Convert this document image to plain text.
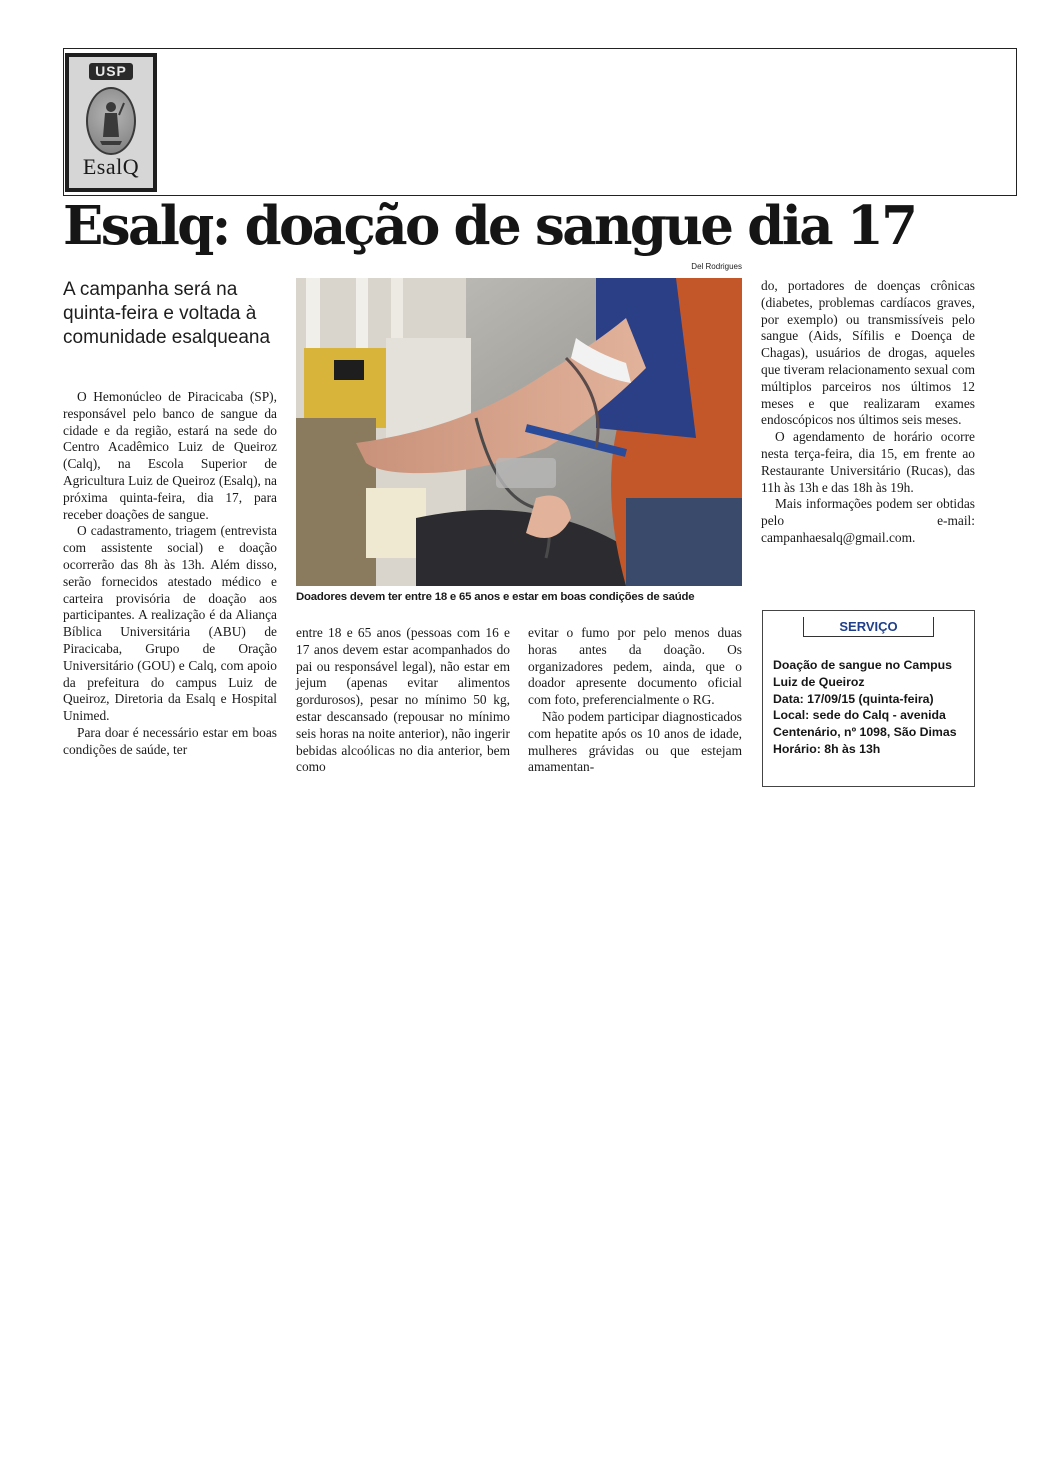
USP
EsalQ
Esalq: doação de sangue dia 17
Del Rodrigues
A campanha será na quinta-feira e voltada à comunidade esalqueana

O Hemonúcleo de Piracicaba (SP), responsável pelo banco de sangue da cidade e da região, estará na sede do Centro Acadêmico Luiz de Queiroz (Calq), na Escola Superior de Agricultura Luiz de Queiroz (Esalq), na próxima quinta-feira, dia 17, para receber doações de sangue.

O cadastramento, triagem (entrevista com assistente social) e doação ocorrerão das 8h às 13h. Além disso, serão fornecidos atestado médico e carteira provisória de doação aos participantes. A realização é da Aliança Bíblica Universitária (ABU) de Piracicaba, Grupo de Oração Universitário (GOU) e Calq, com apoio da prefeitura do campus Luiz de Queiroz, Diretoria da Esalq e Hospital Unimed.

Para doar é necessário estar em boas condições de saúde, ter

Doadores devem ter entre 18 e 65 anos e estar em boas condições de saúde

entre 18 e 65 anos (pessoas com 16 e 17 anos devem estar acompanhados do pai ou responsável legal), não estar em jejum (apenas evitar alimentos gordurosos), pesar no mínimo 50 kg, estar descansado (repousar no mínimo seis horas na noite anterior), não ingerir bebidas alcoólicas no dia anterior, bem como

evitar o fumo por pelo menos duas horas antes da doação. Os organizadores pedem, ainda, que o doador apresente documento oficial com foto, preferencialmente o RG.

Não podem participar diagnosticados com hepatite após os 10 anos de idade, mulheres grávidas ou que estejam amamentan-

do, portadores de doenças crônicas (diabetes, problemas cardíacos graves, por exemplo) ou transmissíveis pelo sangue (Aids, Sífilis e Doença de Chagas), usuários de drogas, aqueles que tiveram relacionamento sexual com múltiplos parceiros nos últimos 12 meses e que realizaram exames endoscópicos nos últimos seis meses.

O agendamento de horário ocorre nesta terça-feira, dia 15, em frente ao Restaurante Universitário (Rucas), das 11h às 13h e das 18h às 19h.

Mais informações podem ser obtidas pelo e-mail: campanhaesalq@gmail.com.

SERVIÇO
Doação de sangue no Campus Luiz de Queiroz
Data: 17/09/15 (quinta-feira)
Local: sede do Calq - avenida Centenário, nº 1098, São Dimas
Horário: 8h às 13h
